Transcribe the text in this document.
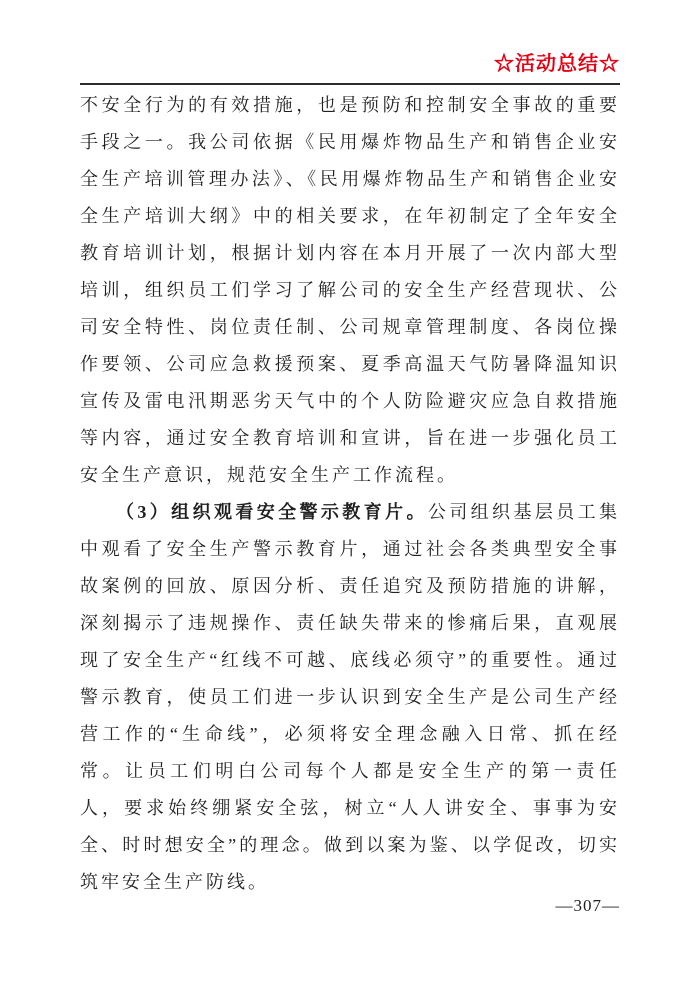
☆活动总结☆

不安全行为的有效措施，也是预防和控制安全事故的重要手段之一。我公司依据《民用爆炸物品生产和销售企业安全生产培训管理办法》、《民用爆炸物品生产和销售企业安全生产培训大纲》中的相关要求，在年初制定了全年安全教育培训计划，根据计划内容在本月开展了一次内部大型培训，组织员工们学习了解公司的安全生产经营现状、公司安全特性、岗位责任制、公司规章管理制度、各岗位操作要领、公司应急救援预案、夏季高温天气防暑降温知识宣传及雷电汛期恶劣天气中的个人防险避灾应急自救措施等内容，通过安全教育培训和宣讲，旨在进一步强化员工安全生产意识，规范安全生产工作流程。

（3）组织观看安全警示教育片。公司组织基层员工集中观看了安全生产警示教育片，通过社会各类典型安全事故案例的回放、原因分析、责任追究及预防措施的讲解，深刻揭示了违规操作、责任缺失带来的惨痛后果，直观展现了安全生产“红线不可越、底线必须守”的重要性。通过警示教育，使员工们进一步认识到安全生产是公司生产经营工作的“生命线”，必须将安全理念融入日常、抓在经常。让员工们明白公司每个人都是安全生产的第一责任人，要求始终绷紧安全弦，树立“人人讲安全、事事为安全、时时想安全”的理念。做到以案为鉴、以学促改，切实筑牢安全生产防线。

—307—
